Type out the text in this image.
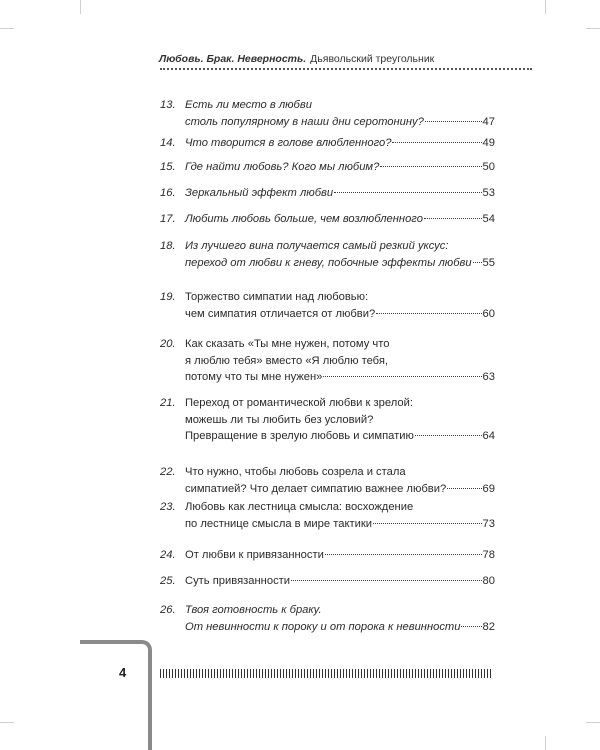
Любовь. Брак. Неверность. Дьявольский треугольник
13. Есть ли место в любви
столь популярному в наши дни серотонину?	47
14. Что творится в голове влюбленного?	49
15. Где найти любовь? Кого мы любим?	50
16. Зеркальный эффект любви	53
17. Любить любовь больше, чем возлюбленного	54
18. Из лучшего вина получается самый резкий уксус:
переход от любви к гневу, побочные эффекты любви 55
19. Торжество симпатии над любовью:
чем симпатия отличается от любви?	60
20. Как сказать «Ты мне нужен, потому что
я люблю тебя» вместо «Я люблю тебя,
потому что ты мне нужен»	63
21. Переход от романтической любви к зрелой:
можешь ли ты любить без условий?
Превращение в зрелую любовь и симпатию	64
22. Что нужно, чтобы любовь созрела и стала
симпатией? Что делает симпатию важнее любви?	69
23. Любовь как лестница смысла: восхождение
по лестнице смысла в мире тактики	73
24. От любви к привязанности	78
25. Суть привязанности	80
26. Твоя готовность к браку.
От невинности к пороку и от порока к невинности 82
4
